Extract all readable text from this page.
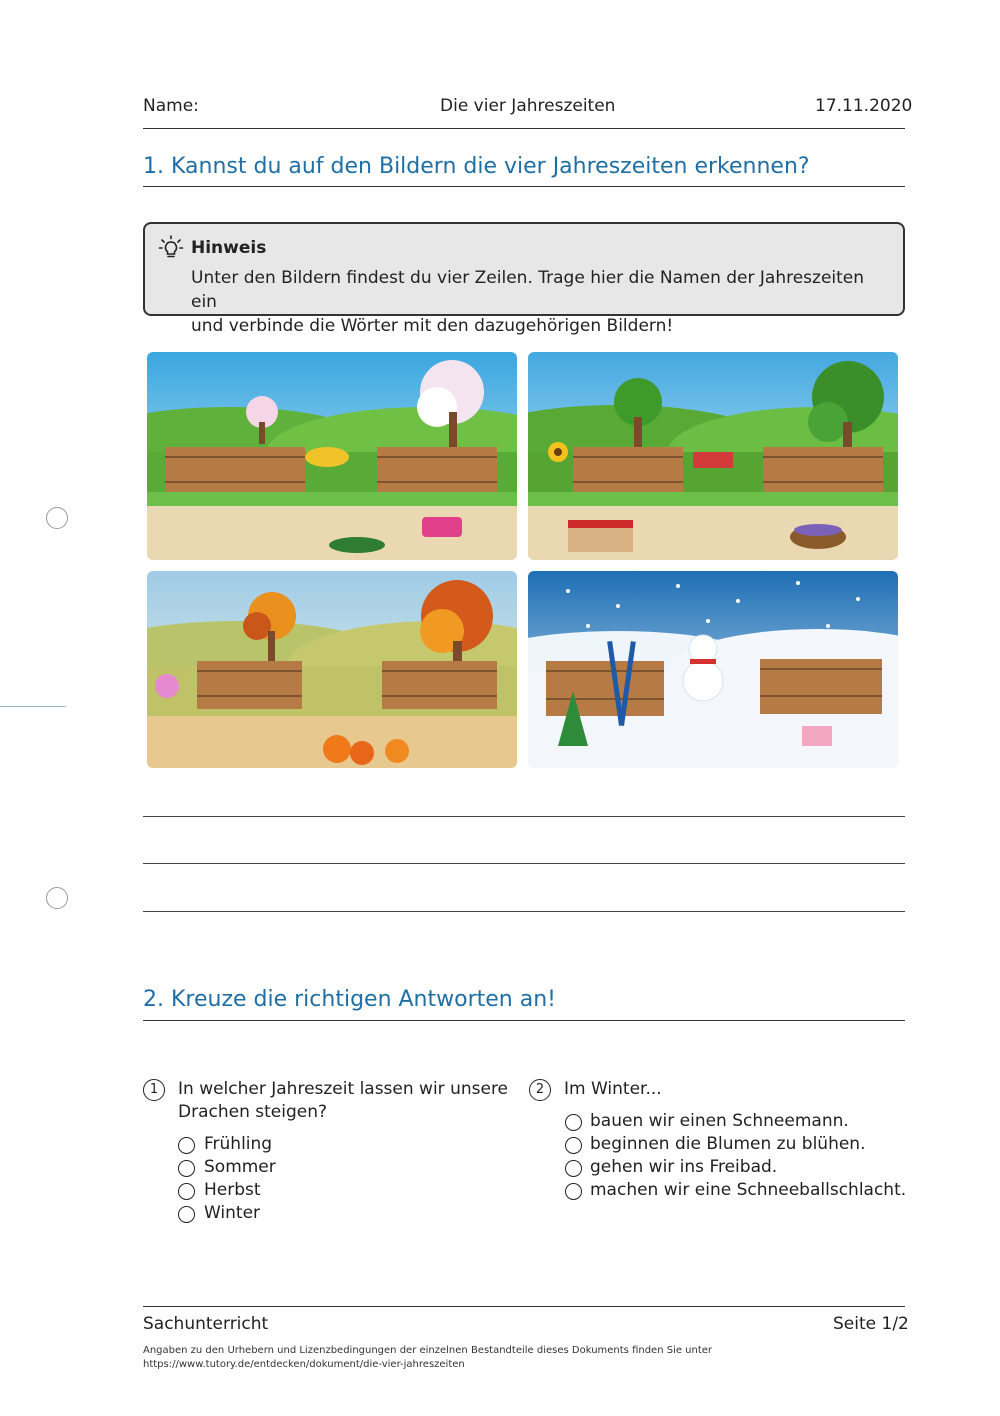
Name:	Die vier Jahreszeiten	17.11.2020
1. Kannst du auf den Bildern die vier Jahreszeiten erkennen?
Hinweis
Unter den Bildern findest du vier Zeilen. Trage hier die Namen der Jahreszeiten ein
und verbinde die Wörter mit den dazugehörigen Bildern!
2. Kreuze die richtigen Antworten an!
1	In welcher Jahreszeit lassen wir unsere
Drachen steigen?
Frühling
Sommer
Herbst
Winter
2	Im Winter...
bauen wir einen Schneemann.
beginnen die Blumen zu blühen.
gehen wir ins Freibad.
machen wir eine Schneeballschlacht.
Sachunterricht	Seite 1/2
Angaben zu den Urhebern und Lizenzbedingungen der einzelnen Bestandteile dieses Dokuments finden Sie unter
https://www.tutory.de/entdecken/dokument/die-vier-jahreszeiten
